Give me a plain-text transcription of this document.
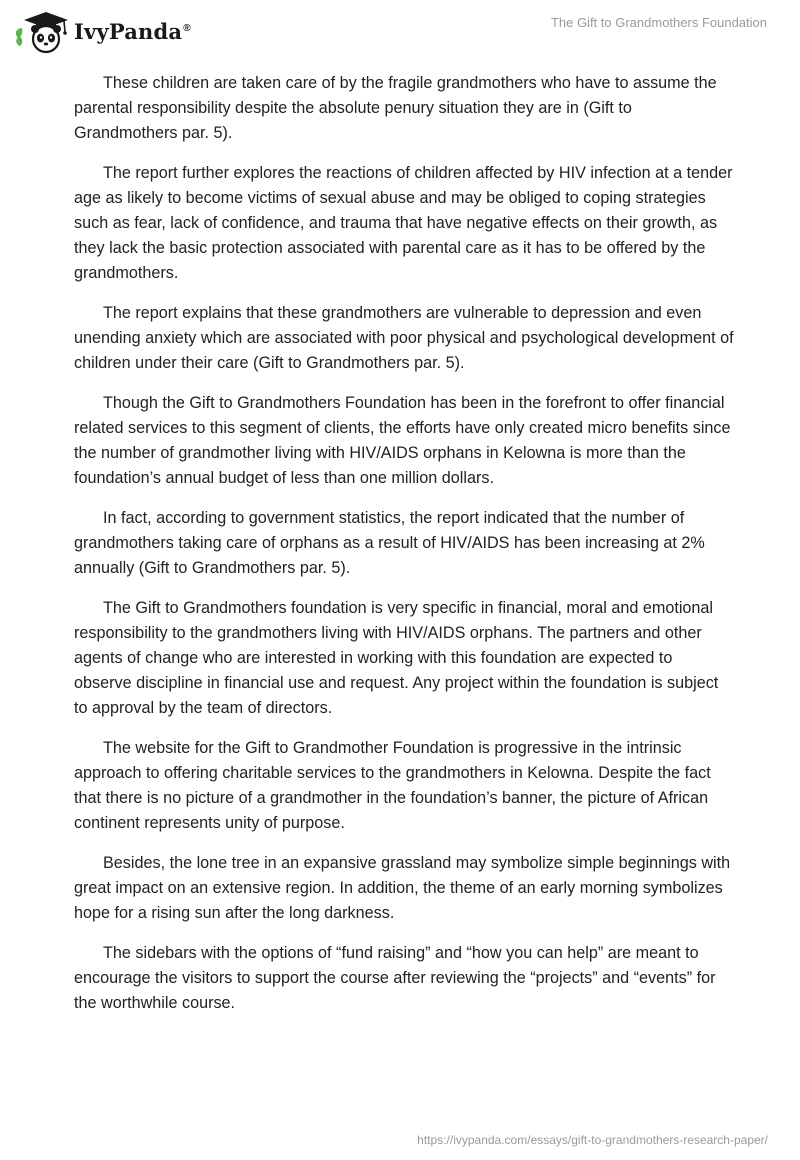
IvyPanda®	The Gift to Grandmothers Foundation

These children are taken care of by the fragile grandmothers who have to assume the parental responsibility despite the absolute penury situation they are in (Gift to Grandmothers par. 5).

The report further explores the reactions of children affected by HIV infection at a tender age as likely to become victims of sexual abuse and may be obliged to coping strategies such as fear, lack of confidence, and trauma that have negative effects on their growth, as they lack the basic protection associated with parental care as it has to be offered by the grandmothers.

The report explains that these grandmothers are vulnerable to depression and even unending anxiety which are associated with poor physical and psychological development of children under their care (Gift to Grandmothers par. 5).

Though the Gift to Grandmothers Foundation has been in the forefront to offer financial related services to this segment of clients, the efforts have only created micro benefits since the number of grandmother living with HIV/AIDS orphans in Kelowna is more than the foundation’s annual budget of less than one million dollars.

In fact, according to government statistics, the report indicated that the number of grandmothers taking care of orphans as a result of HIV/AIDS has been increasing at 2% annually (Gift to Grandmothers par. 5).

The Gift to Grandmothers foundation is very specific in financial, moral and emotional responsibility to the grandmothers living with HIV/AIDS orphans. The partners and other agents of change who are interested in working with this foundation are expected to observe discipline in financial use and request. Any project within the foundation is subject to approval by the team of directors.

The website for the Gift to Grandmother Foundation is progressive in the intrinsic approach to offering charitable services to the grandmothers in Kelowna. Despite the fact that there is no picture of a grandmother in the foundation’s banner, the picture of African continent represents unity of purpose.

Besides, the lone tree in an expansive grassland may symbolize simple beginnings with great impact on an extensive region. In addition, the theme of an early morning symbolizes hope for a rising sun after the long darkness.

The sidebars with the options of “fund raising” and “how you can help” are meant to encourage the visitors to support the course after reviewing the “projects” and “events” for the worthwhile course.

https://ivypanda.com/essays/gift-to-grandmothers-research-paper/
